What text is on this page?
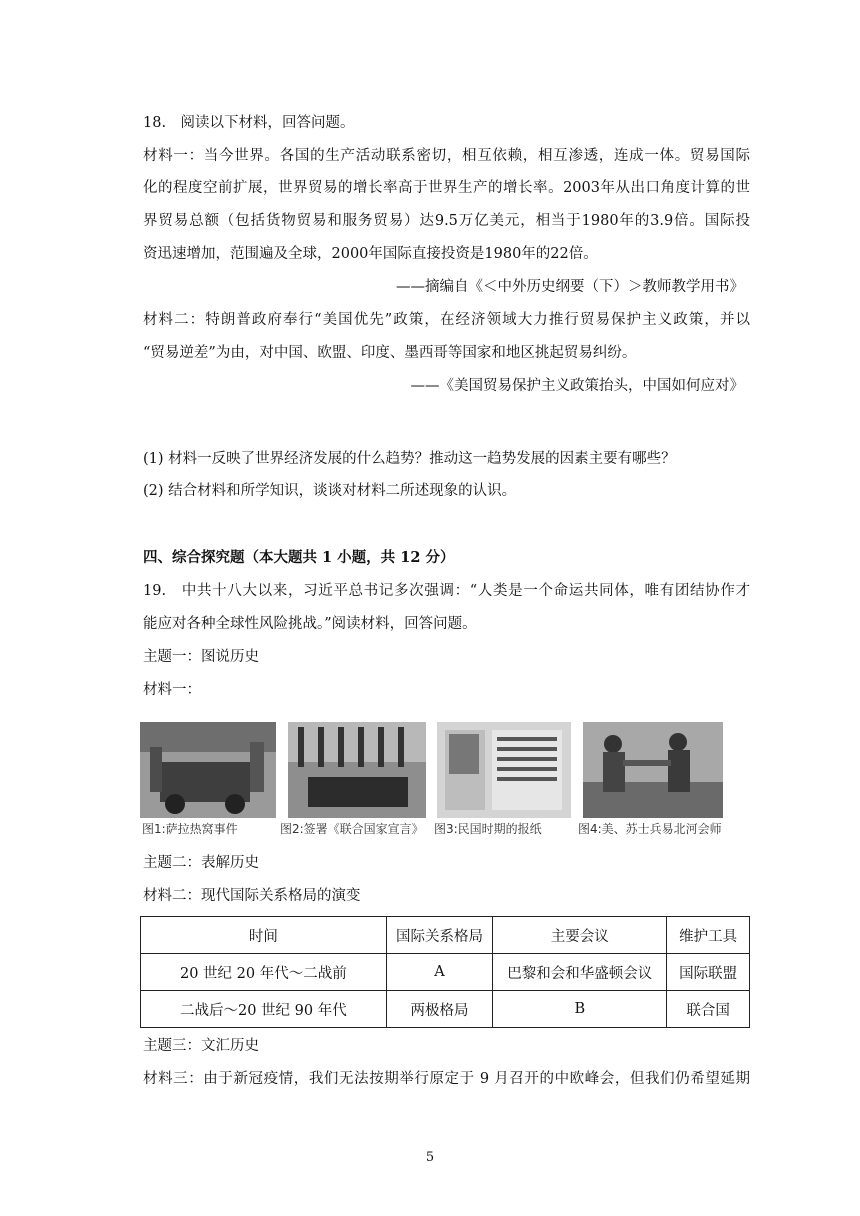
18.　阅读以下材料，回答问题。
材料一：当今世界。各国的生产活动联系密切，相互依赖，相互渗透，连成一体。贸易国际
化的程度空前扩展，世界贸易的增长率高于世界生产的增长率。2003年从出口角度计算的世
界贸易总额（包括货物贸易和服务贸易）达9.5万亿美元，相当于1980年的3.9倍。国际投
资迅速增加，范围遍及全球，2000年国际直接投资是1980年的22倍。
——摘编自《＜中外历史纲要（下）＞教师教学用书》
材料二：特朗普政府奉行“美国优先”政策，在经济领域大力推行贸易保护主义政策，并以
“贸易逆差”为由，对中国、欧盟、印度、墨西哥等国家和地区挑起贸易纠纷。
——《美国贸易保护主义政策抬头，中国如何应对》
(1) 材料一反映了世界经济发展的什么趋势？推动这一趋势发展的因素主要有哪些？
(2) 结合材料和所学知识，谈谈对材料二所述现象的认识。
四、综合探究题（本大题共 1 小题，共 12 分）
19.　中共十八大以来，习近平总书记多次强调：“人类是一个命运共同体，唯有团结协作才
能应对各种全球性风险挑战。”阅读材料，回答问题。
主题一：图说历史
材料一：
图1:萨拉热窝事件	图2:签署《联合国家宣言》 图3:民国时期的报纸	图4:美、苏士兵易北河会师
主题二：表解历史
材料二：现代国际关系格局的演变
时间	国际关系格局	主要会议	维护工具
20 世纪 20 年代～二战前	A	巴黎和会和华盛顿会议	国际联盟
二战后～20 世纪 90 年代	两极格局	B	联合国
主题三：文汇历史
材料三：由于新冠疫情，我们无法按期举行原定于 9 月召开的中欧峰会，但我们仍希望延期
5
